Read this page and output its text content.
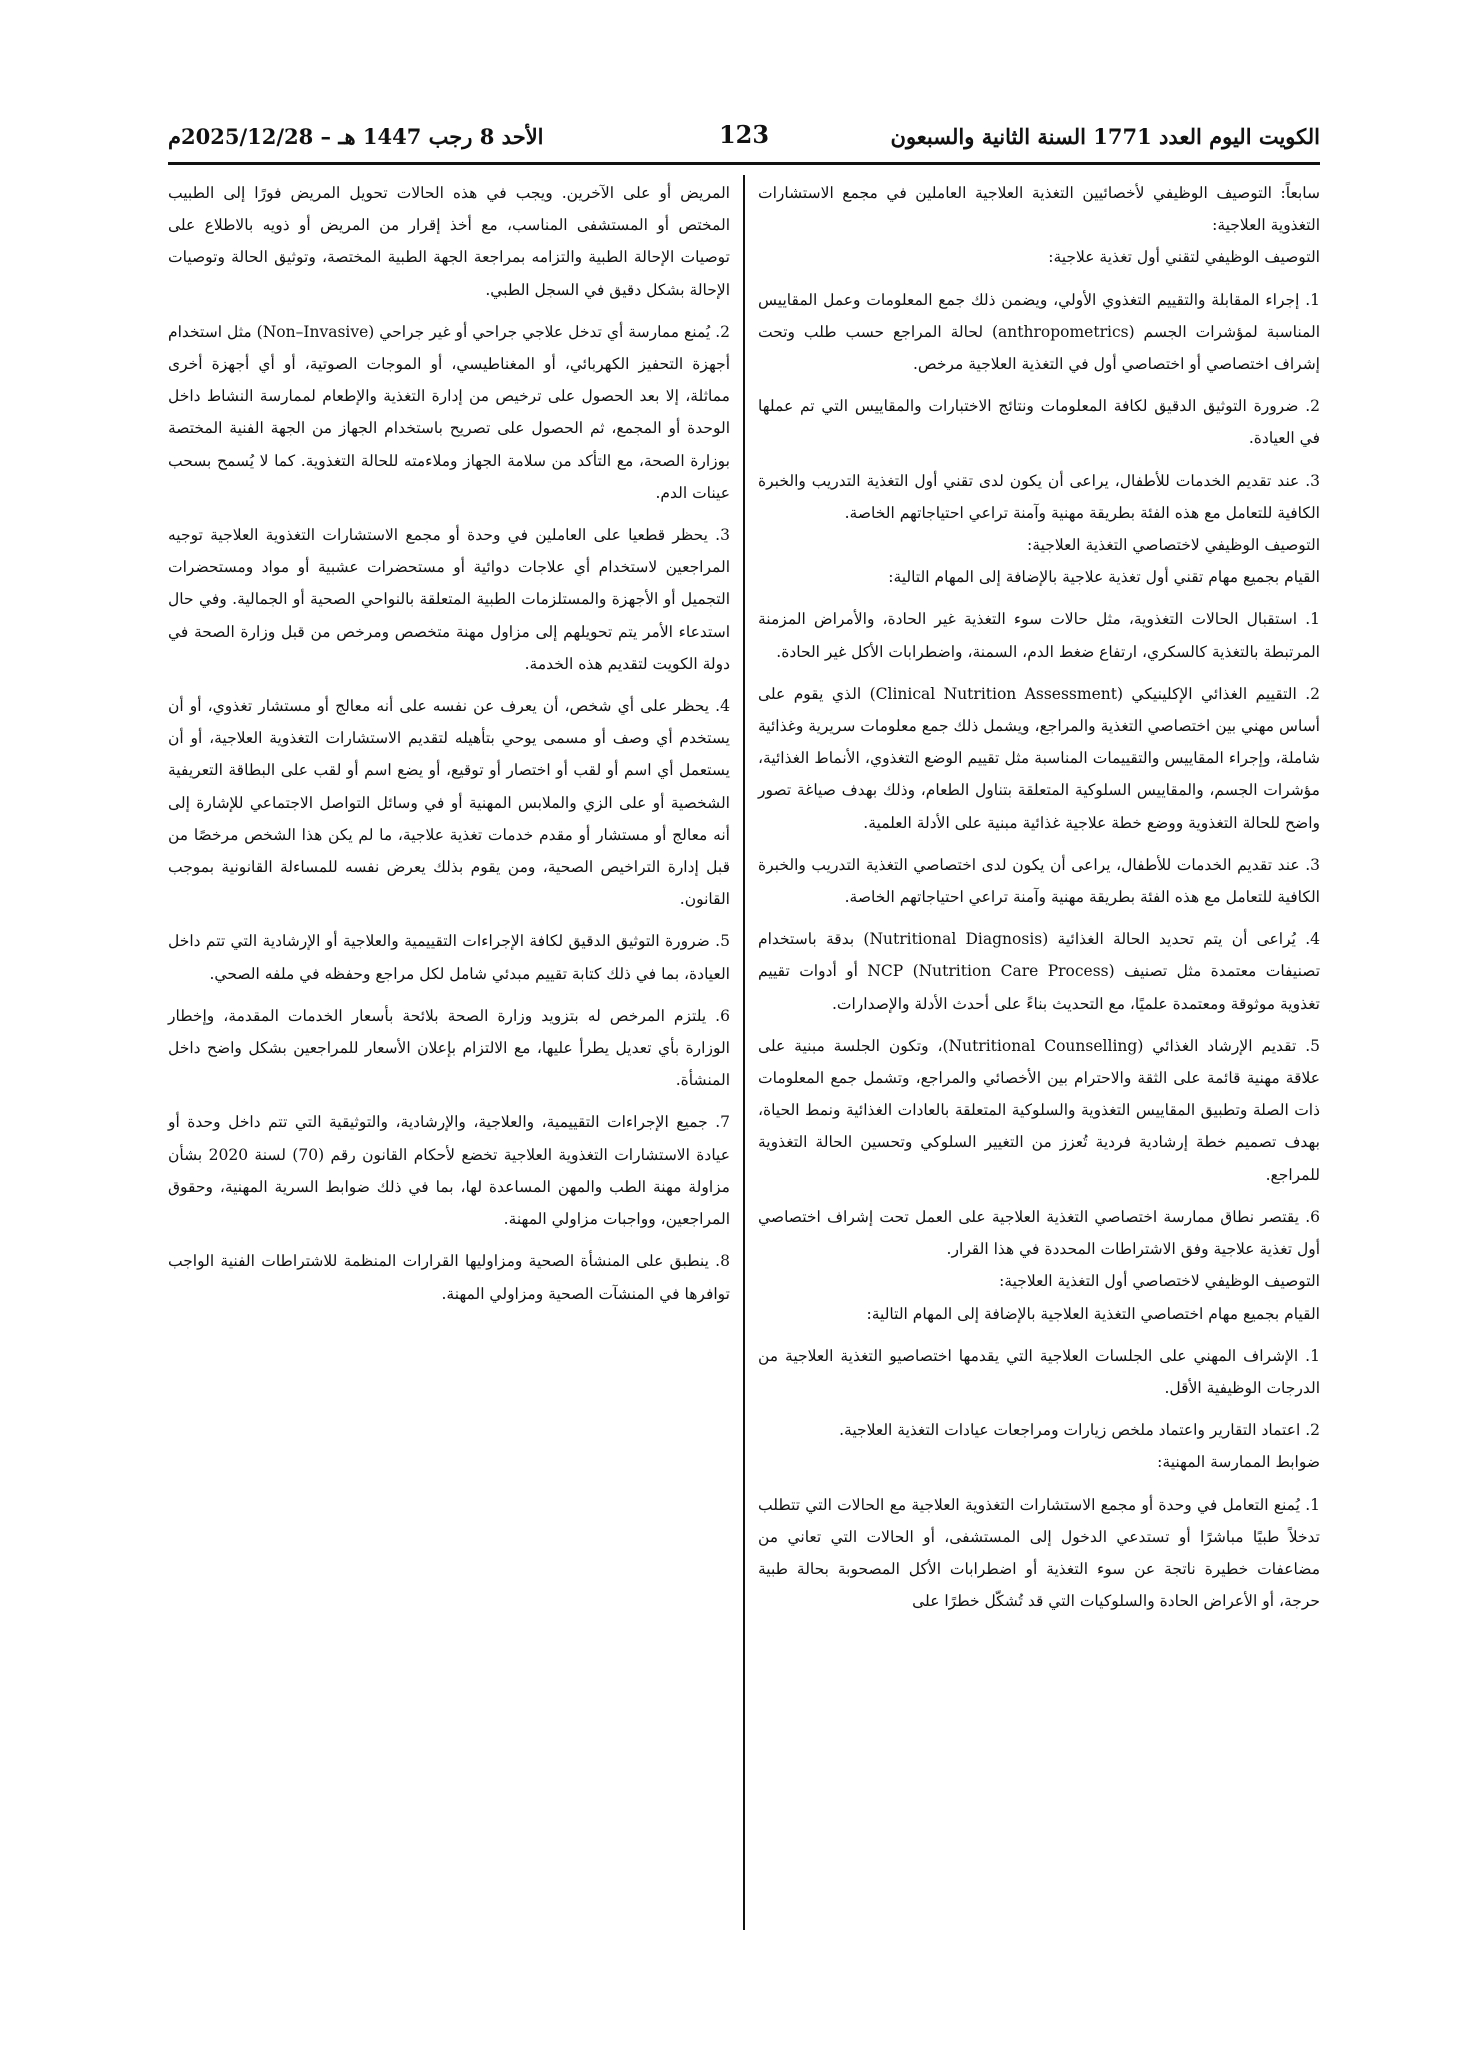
الكويت اليوم العدد 1771 السنة الثانية والسبعون
123
الأحد 8 رجب 1447 هـ – 2025/12/28م

سابعاً: التوصيف الوظيفي لأخصائيين التغذية العلاجية العاملين في مجمع الاستشارات التغذوية العلاجية:

التوصيف الوظيفي لتقني أول تغذية علاجية:

1. إجراء المقابلة والتقييم التغذوي الأولي، ويضمن ذلك جمع المعلومات وعمل المقاييس المناسبة لمؤشرات الجسم (anthropometrics) لحالة المراجع حسب طلب وتحت إشراف اختصاصي أو اختصاصي أول في التغذية العلاجية مرخص.

2. ضرورة التوثيق الدقيق لكافة المعلومات ونتائج الاختبارات والمقاييس التي تم عملها في العيادة.

3. عند تقديم الخدمات للأطفال، يراعى أن يكون لدى تقني أول التغذية التدريب والخبرة الكافية للتعامل مع هذه الفئة بطريقة مهنية وآمنة تراعي احتياجاتهم الخاصة.

التوصيف الوظيفي لاختصاصي التغذية العلاجية:

القيام بجميع مهام تقني أول تغذية علاجية بالإضافة إلى المهام التالية:

1. استقبال الحالات التغذوية، مثل حالات سوء التغذية غير الحادة، والأمراض المزمنة المرتبطة بالتغذية كالسكري، ارتفاع ضغط الدم، السمنة، واضطرابات الأكل غير الحادة.

2. التقييم الغذائي الإكلينيكي (Clinical Nutrition Assessment) الذي يقوم على أساس مهني بين اختصاصي التغذية والمراجع، ويشمل ذلك جمع معلومات سريرية وغذائية شاملة، وإجراء المقاييس والتقييمات المناسبة مثل تقييم الوضع التغذوي، الأنماط الغذائية، مؤشرات الجسم، والمقاييس السلوكية المتعلقة بتناول الطعام، وذلك بهدف صياغة تصور واضح للحالة التغذوية ووضع خطة علاجية غذائية مبنية على الأدلة العلمية.

3. عند تقديم الخدمات للأطفال، يراعى أن يكون لدى اختصاصي التغذية التدريب والخبرة الكافية للتعامل مع هذه الفئة بطريقة مهنية وآمنة تراعي احتياجاتهم الخاصة.

4. يُراعى أن يتم تحديد الحالة الغذائية (Nutritional Diagnosis) بدقة باستخدام تصنيفات معتمدة مثل تصنيف NCP (Nutrition Care Process) أو أدوات تقييم تغذوية موثوقة ومعتمدة علميًا، مع التحديث بناءً على أحدث الأدلة والإصدارات.

5. تقديم الإرشاد الغذائي (Nutritional Counselling)، وتكون الجلسة مبنية على علاقة مهنية قائمة على الثقة والاحترام بين الأخصائي والمراجع، وتشمل جمع المعلومات ذات الصلة وتطبيق المقاييس التغذوية والسلوكية المتعلقة بالعادات الغذائية ونمط الحياة، بهدف تصميم خطة إرشادية فردية تُعزز من التغيير السلوكي وتحسين الحالة التغذوية للمراجع.

6. يقتصر نطاق ممارسة اختصاصي التغذية العلاجية على العمل تحت إشراف اختصاصي أول تغذية علاجية وفق الاشتراطات المحددة في هذا القرار.

التوصيف الوظيفي لاختصاصي أول التغذية العلاجية:

القيام بجميع مهام اختصاصي التغذية العلاجية بالإضافة إلى المهام التالية:

1. الإشراف المهني على الجلسات العلاجية التي يقدمها اختصاصيو التغذية العلاجية من الدرجات الوظيفية الأقل.

2. اعتماد التقارير واعتماد ملخص زيارات ومراجعات عيادات التغذية العلاجية.

ضوابط الممارسة المهنية:

1. يُمنع التعامل في وحدة أو مجمع الاستشارات التغذوية العلاجية مع الحالات التي تتطلب تدخلاً طبيًا مباشرًا أو تستدعي الدخول إلى المستشفى، أو الحالات التي تعاني من مضاعفات خطيرة ناتجة عن سوء التغذية أو اضطرابات الأكل المصحوبة بحالة طبية حرجة، أو الأعراض الحادة والسلوكيات التي قد تُشكّل خطرًا على

المريض أو على الآخرين. ويجب في هذه الحالات تحويل المريض فورًا إلى الطبيب المختص أو المستشفى المناسب، مع أخذ إقرار من المريض أو ذويه بالاطلاع على توصيات الإحالة الطبية والتزامه بمراجعة الجهة الطبية المختصة، وتوثيق الحالة وتوصيات الإحالة بشكل دقيق في السجل الطبي.

2. يُمنع ممارسة أي تدخل علاجي جراحي أو غير جراحي (Non–Invasive) مثل استخدام أجهزة التحفيز الكهربائي، أو المغناطيسي، أو الموجات الصوتية، أو أي أجهزة أخرى مماثلة، إلا بعد الحصول على ترخيص من إدارة التغذية والإطعام لممارسة النشاط داخل الوحدة أو المجمع، ثم الحصول على تصريح باستخدام الجهاز من الجهة الفنية المختصة بوزارة الصحة، مع التأكد من سلامة الجهاز وملاءمته للحالة التغذوية. كما لا يُسمح بسحب عينات الدم.

3. يحظر قطعيا على العاملين في وحدة أو مجمع الاستشارات التغذوية العلاجية توجيه المراجعين لاستخدام أي علاجات دوائية أو مستحضرات عشبية أو مواد ومستحضرات التجميل أو الأجهزة والمستلزمات الطبية المتعلقة بالنواحي الصحية أو الجمالية. وفي حال استدعاء الأمر يتم تحويلهم إلى مزاول مهنة متخصص ومرخص من قبل وزارة الصحة في دولة الكويت لتقديم هذه الخدمة.

4. يحظر على أي شخص، أن يعرف عن نفسه على أنه معالج أو مستشار تغذوي، أو أن يستخدم أي وصف أو مسمى يوحي بتأهيله لتقديم الاستشارات التغذوية العلاجية، أو أن يستعمل أي اسم أو لقب أو اختصار أو توقيع، أو يضع اسم أو لقب على البطاقة التعريفية الشخصية أو على الزي والملابس المهنية أو في وسائل التواصل الاجتماعي للإشارة إلى أنه معالج أو مستشار أو مقدم خدمات تغذية علاجية، ما لم يكن هذا الشخص مرخصًا من قبل إدارة التراخيص الصحية، ومن يقوم بذلك يعرض نفسه للمساءلة القانونية بموجب القانون.

5. ضرورة التوثيق الدقيق لكافة الإجراءات التقييمية والعلاجية أو الإرشادية التي تتم داخل العيادة، بما في ذلك كتابة تقييم مبدئي شامل لكل مراجع وحفظه في ملفه الصحي.

6. يلتزم المرخص له بتزويد وزارة الصحة بلائحة بأسعار الخدمات المقدمة، وإخطار الوزارة بأي تعديل يطرأ عليها، مع الالتزام بإعلان الأسعار للمراجعين بشكل واضح داخل المنشأة.

7. جميع الإجراءات التقييمية، والعلاجية، والإرشادية، والتوثيقية التي تتم داخل وحدة أو عيادة الاستشارات التغذوية العلاجية تخضع لأحكام القانون رقم (70) لسنة 2020 بشأن مزاولة مهنة الطب والمهن المساعدة لها، بما في ذلك ضوابط السرية المهنية، وحقوق المراجعين، وواجبات مزاولي المهنة.

8. ينطبق على المنشأة الصحية ومزاوليها القرارات المنظمة للاشتراطات الفنية الواجب توافرها في المنشآت الصحية ومزاولي المهنة.
